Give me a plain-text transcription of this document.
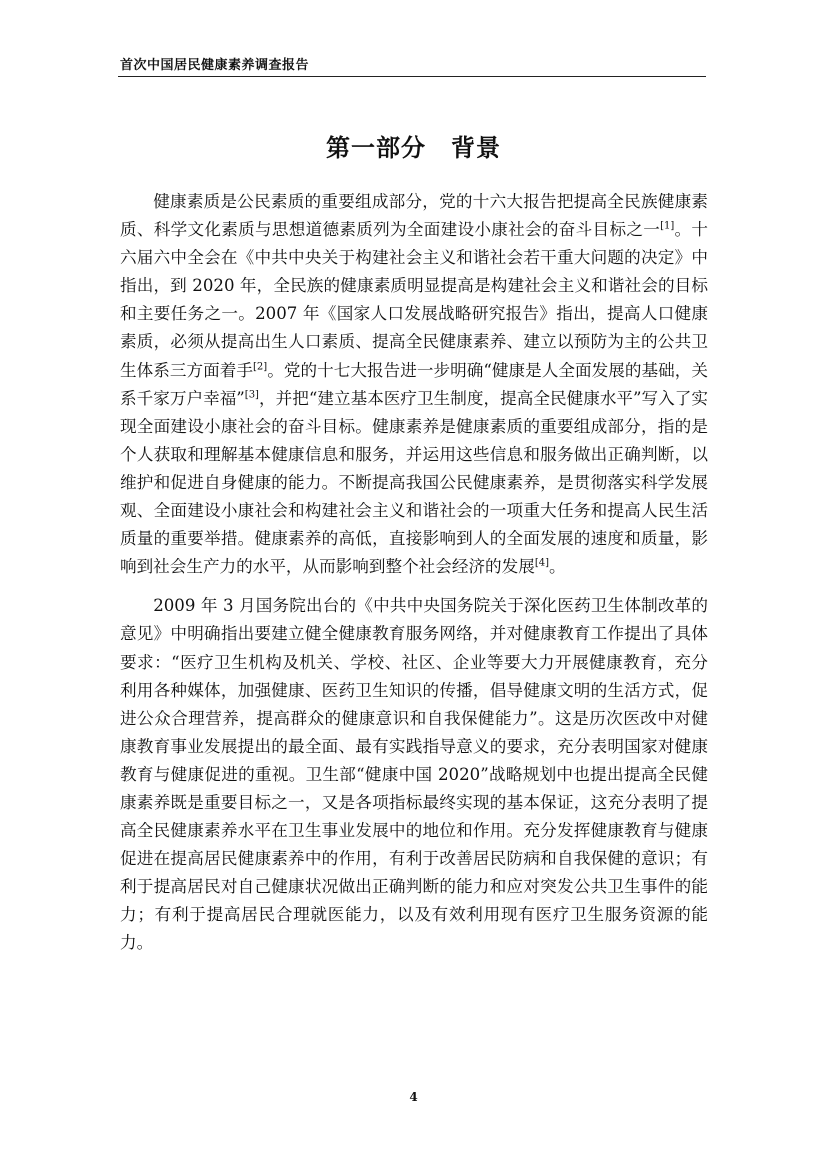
首次中国居民健康素养调查报告
第一部分　背景

健康素质是公民素质的重要组成部分，党的十六大报告把提高全民族健康素质、科学文化素质与思想道德素质列为全面建设小康社会的奋斗目标之一[1]。十六届六中全会在《中共中央关于构建社会主义和谐社会若干重大问题的决定》中指出，到 2020 年，全民族的健康素质明显提高是构建社会主义和谐社会的目标和主要任务之一。2007 年《国家人口发展战略研究报告》指出，提高人口健康素质，必须从提高出生人口素质、提高全民健康素养、建立以预防为主的公共卫生体系三方面着手[2]。党的十七大报告进一步明确“健康是人全面发展的基础，关系千家万户幸福”[3]，并把“建立基本医疗卫生制度，提高全民健康水平”写入了实现全面建设小康社会的奋斗目标。健康素养是健康素质的重要组成部分，指的是个人获取和理解基本健康信息和服务，并运用这些信息和服务做出正确判断，以维护和促进自身健康的能力。不断提高我国公民健康素养，是贯彻落实科学发展观、全面建设小康社会和构建社会主义和谐社会的一项重大任务和提高人民生活质量的重要举措。健康素养的高低，直接影响到人的全面发展的速度和质量，影响到社会生产力的水平，从而影响到整个社会经济的发展[4]。

2009 年 3 月国务院出台的《中共中央国务院关于深化医药卫生体制改革的意见》中明确指出要建立健全健康教育服务网络，并对健康教育工作提出了具体要求：“医疗卫生机构及机关、学校、社区、企业等要大力开展健康教育，充分利用各种媒体，加强健康、医药卫生知识的传播，倡导健康文明的生活方式，促进公众合理营养，提高群众的健康意识和自我保健能力”。这是历次医改中对健康教育事业发展提出的最全面、最有实践指导意义的要求，充分表明国家对健康教育与健康促进的重视。卫生部“健康中国 2020”战略规划中也提出提高全民健康素养既是重要目标之一，又是各项指标最终实现的基本保证，这充分表明了提高全民健康素养水平在卫生事业发展中的地位和作用。充分发挥健康教育与健康促进在提高居民健康素养中的作用，有利于改善居民防病和自我保健的意识；有利于提高居民对自己健康状况做出正确判断的能力和应对突发公共卫生事件的能力；有利于提高居民合理就医能力，以及有效利用现有医疗卫生服务资源的能力。

4
